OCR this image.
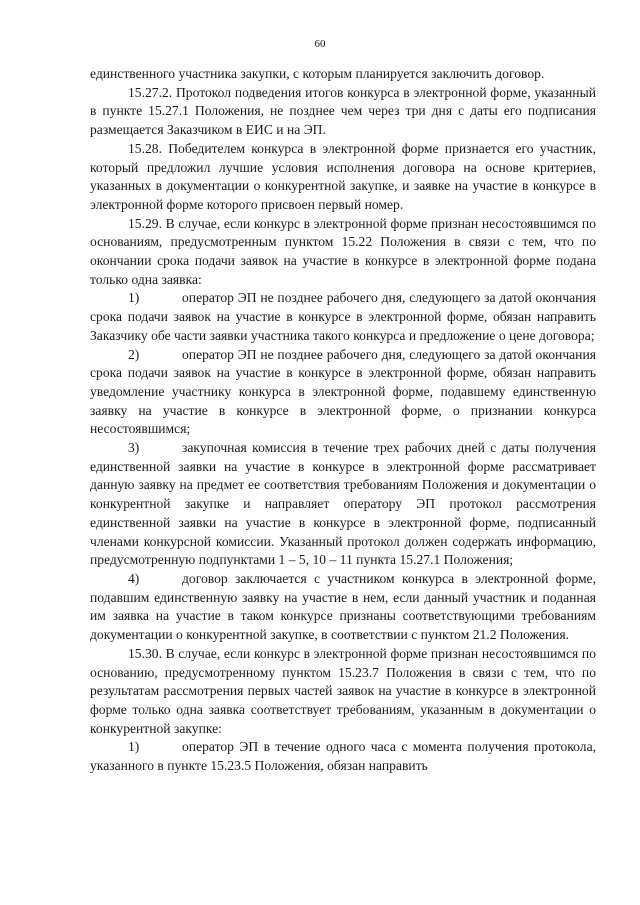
60

единственного участника закупки, с которым планируется заключить договор.

15.27.2. Протокол подведения итогов конкурса в электронной форме, указанный в пункте 15.27.1 Положения, не позднее чем через три дня с даты его подписания размещается Заказчиком в ЕИС и на ЭП.

15.28. Победителем конкурса в электронной форме признается его участник, который предложил лучшие условия исполнения договора на основе критериев, указанных в документации о конкурентной закупке, и заявке на участие в конкурсе в электронной форме которого присвоен первый номер.

15.29. В случае, если конкурс в электронной форме признан несостоявшимся по основаниям, предусмотренным пунктом 15.22 Положения в связи с тем, что по окончании срока подачи заявок на участие в конкурсе в электронной форме подана только одна заявка:

1)	оператор ЭП не позднее рабочего дня, следующего за датой окончания срока подачи заявок на участие в конкурсе в электронной форме, обязан направить Заказчику обе части заявки участника такого конкурса и предложение о цене договора;

2)	оператор ЭП не позднее рабочего дня, следующего за датой окончания срока подачи заявок на участие в конкурсе в электронной форме, обязан направить уведомление участнику конкурса в электронной форме, подавшему единственную заявку на участие в конкурсе в электронной форме, о признании конкурса несостоявшимся;

3)	закупочная комиссия в течение трех рабочих дней с даты получения единственной заявки на участие в конкурсе в электронной форме рассматривает данную заявку на предмет ее соответствия требованиям Положения и документации о конкурентной закупке и направляет оператору ЭП протокол рассмотрения единственной заявки на участие в конкурсе в электронной форме, подписанный членами конкурсной комиссии. Указанный протокол должен содержать информацию, предусмотренную подпунктами 1 – 5, 10 – 11 пункта 15.27.1 Положения;

4)	договор заключается с участником конкурса в электронной форме, подавшим единственную заявку на участие в нем, если данный участник и поданная им заявка на участие в таком конкурсе признаны соответствующими требованиям документации о конкурентной закупке, в соответствии с пунктом 21.2 Положения.

15.30. В случае, если конкурс в электронной форме признан несостоявшимся по основанию, предусмотренному пунктом 15.23.7 Положения в связи с тем, что по результатам рассмотрения первых частей заявок на участие в конкурсе в электронной форме только одна заявка соответствует требованиям, указанным в документации о конкурентной закупке:

1)	оператор ЭП в течение одного часа с момента получения протокола, указанного в пункте 15.23.5 Положения, обязан направить
